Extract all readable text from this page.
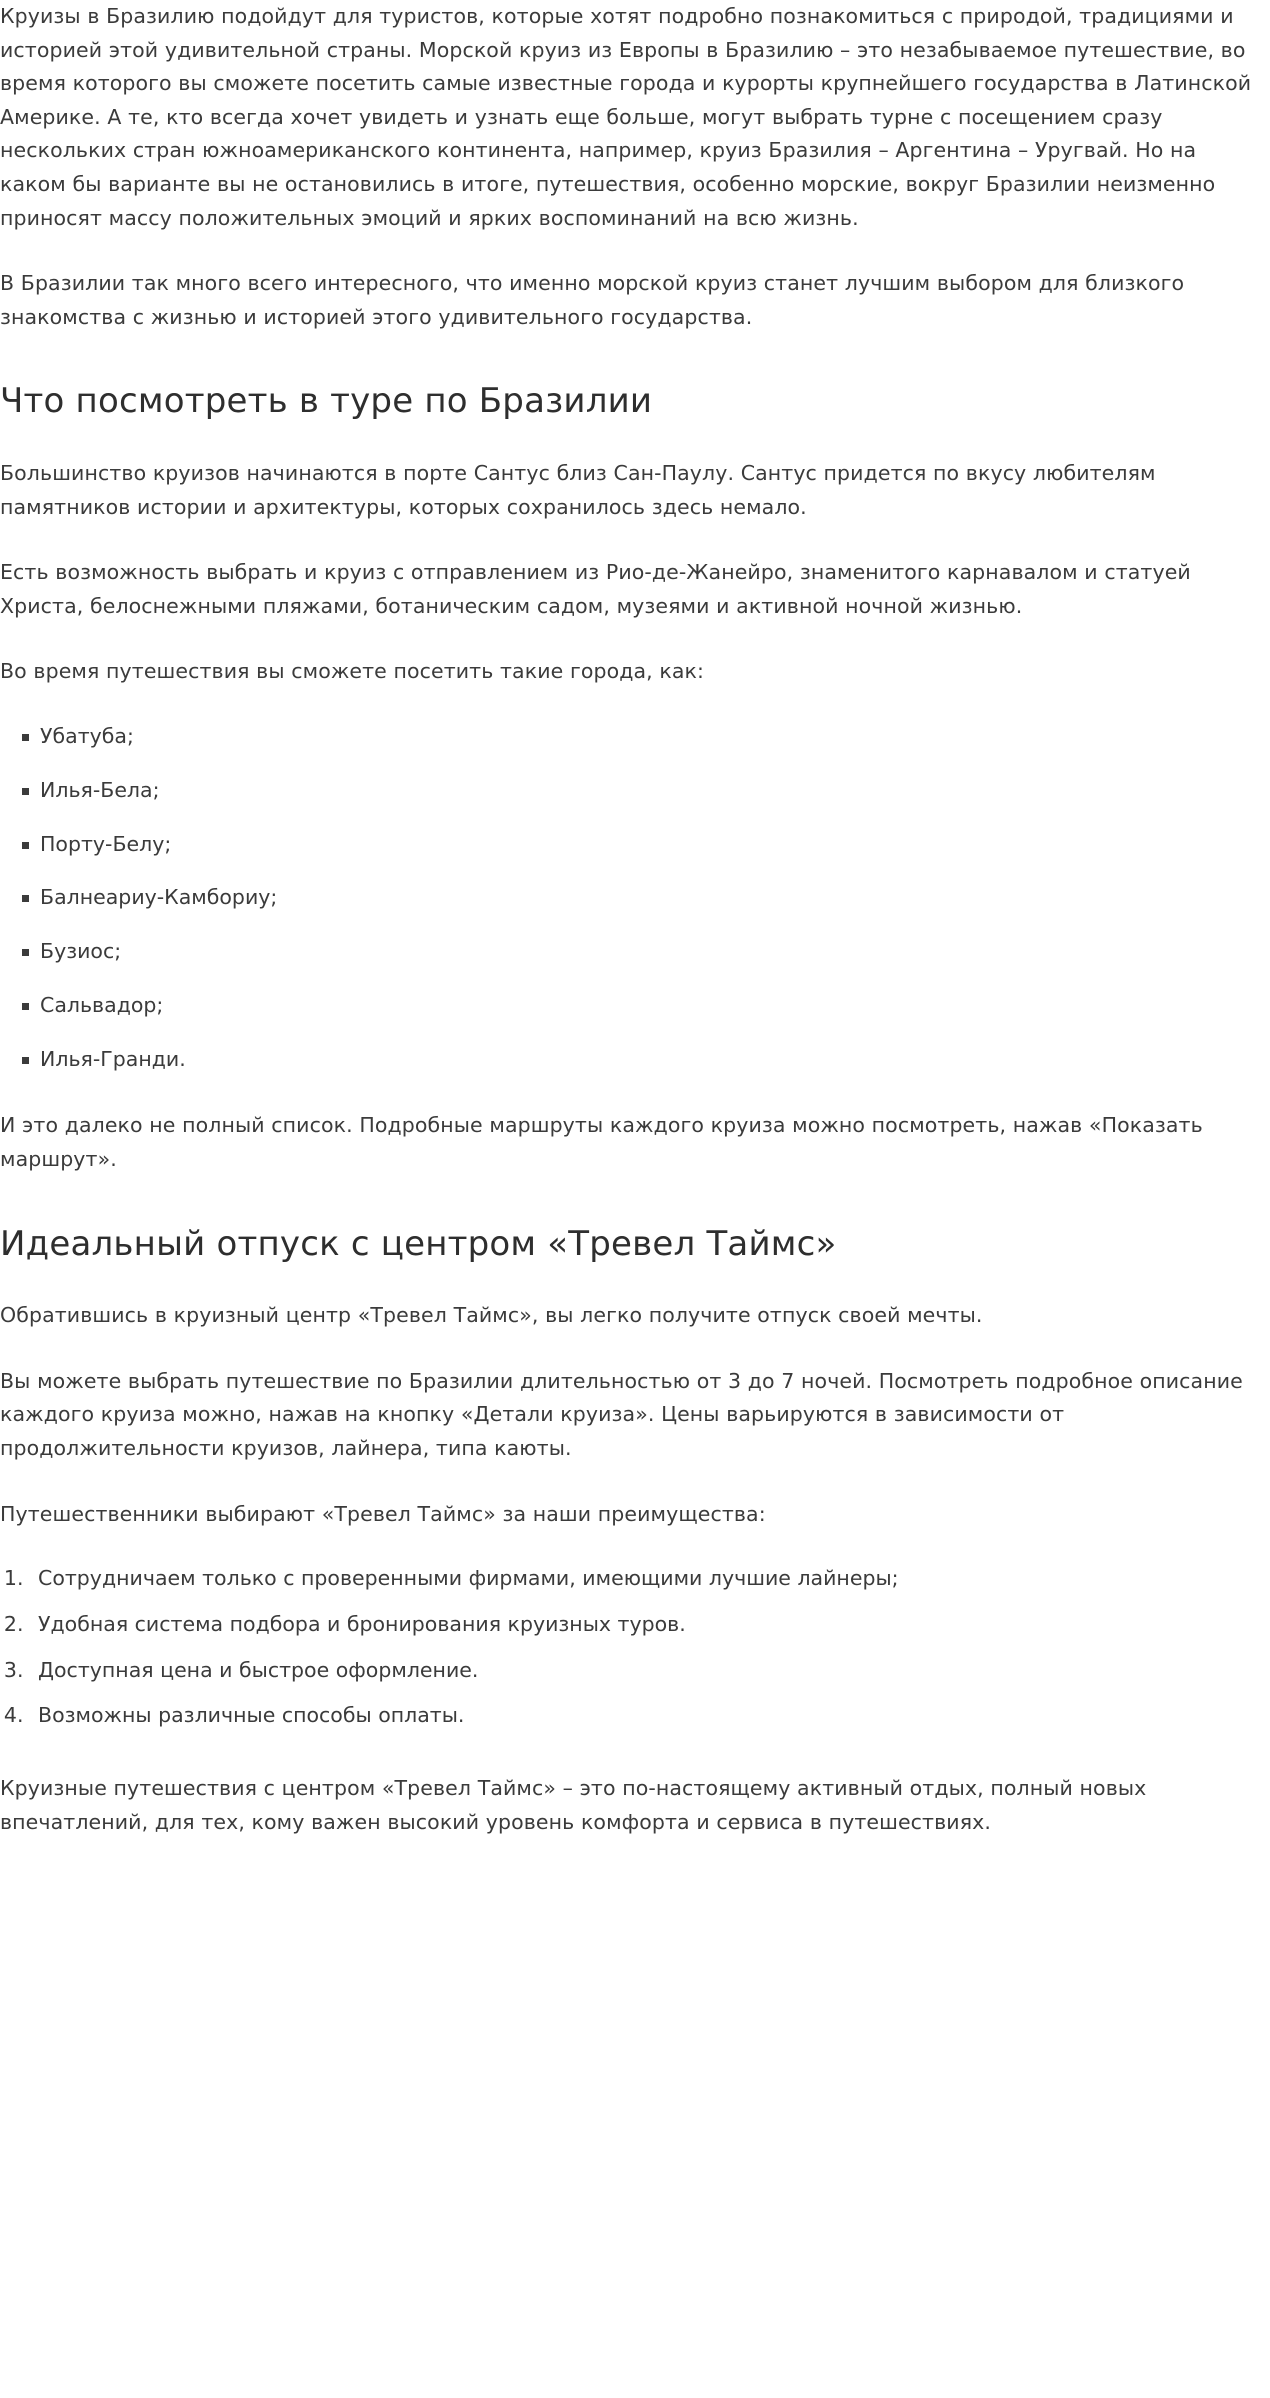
Круизы в Бразилию подойдут для туристов, которые хотят подробно познакомиться с природой, традициями и историей этой удивительной страны. Морской круиз из Европы в Бразилию – это незабываемое путешествие, во время которого вы сможете посетить самые известные города и курорты крупнейшего государства в Латинской Америке. А те, кто всегда хочет увидеть и узнать еще больше, могут выбрать турне с посещением сразу нескольких стран южноамериканского континента, например, круиз Бразилия – Аргентина – Уругвай. Но на каком бы варианте вы не остановились в итоге, путешествия, особенно морские, вокруг Бразилии неизменно приносят массу положительных эмоций и ярких воспоминаний на всю жизнь.

В Бразилии так много всего интересного, что именно морской круиз станет лучшим выбором для близкого знакомства с жизнью и историей этого удивительного государства.

Что посмотреть в туре по Бразилии

Большинство круизов начинаются в порте Сантус близ Сан-Паулу. Сантус придется по вкусу любителям памятников истории и архитектуры, которых сохранилось здесь немало.

Есть возможность выбрать и круиз с отправлением из Рио-де-Жанейро, знаменитого карнавалом и статуей Христа, белоснежными пляжами, ботаническим садом, музеями и активной ночной жизнью.

Во время путешествия вы сможете посетить такие города, как:

Убатуба;
Илья-Бела;
Порту-Белу;
Балнеариу-Камбориу;
Бузиос;
Сальвадор;
Илья-Гранди.

И это далеко не полный список. Подробные маршруты каждого круиза можно посмотреть, нажав «Показать маршрут».

Идеальный отпуск с центром «Тревел Таймс»

Обратившись в круизный центр «Тревел Таймс», вы легко получите отпуск своей мечты.

Вы можете выбрать путешествие по Бразилии длительностью от 3 до 7 ночей. Посмотреть подробное описание каждого круиза можно, нажав на кнопку «Детали круиза». Цены варьируются в зависимости от продолжительности круизов, лайнера, типа каюты.

Путешественники выбирают «Тревел Таймс» за наши преимущества:

1. Сотрудничаем только с проверенными фирмами, имеющими лучшие лайнеры;
2. Удобная система подбора и бронирования круизных туров.
3. Доступная цена и быстрое оформление.
4. Возможны различные способы оплаты.

Круизные путешествия с центром «Тревел Таймс» – это по-настоящему активный отдых, полный новых впечатлений, для тех, кому важен высокий уровень комфорта и сервиса в путешествиях.
